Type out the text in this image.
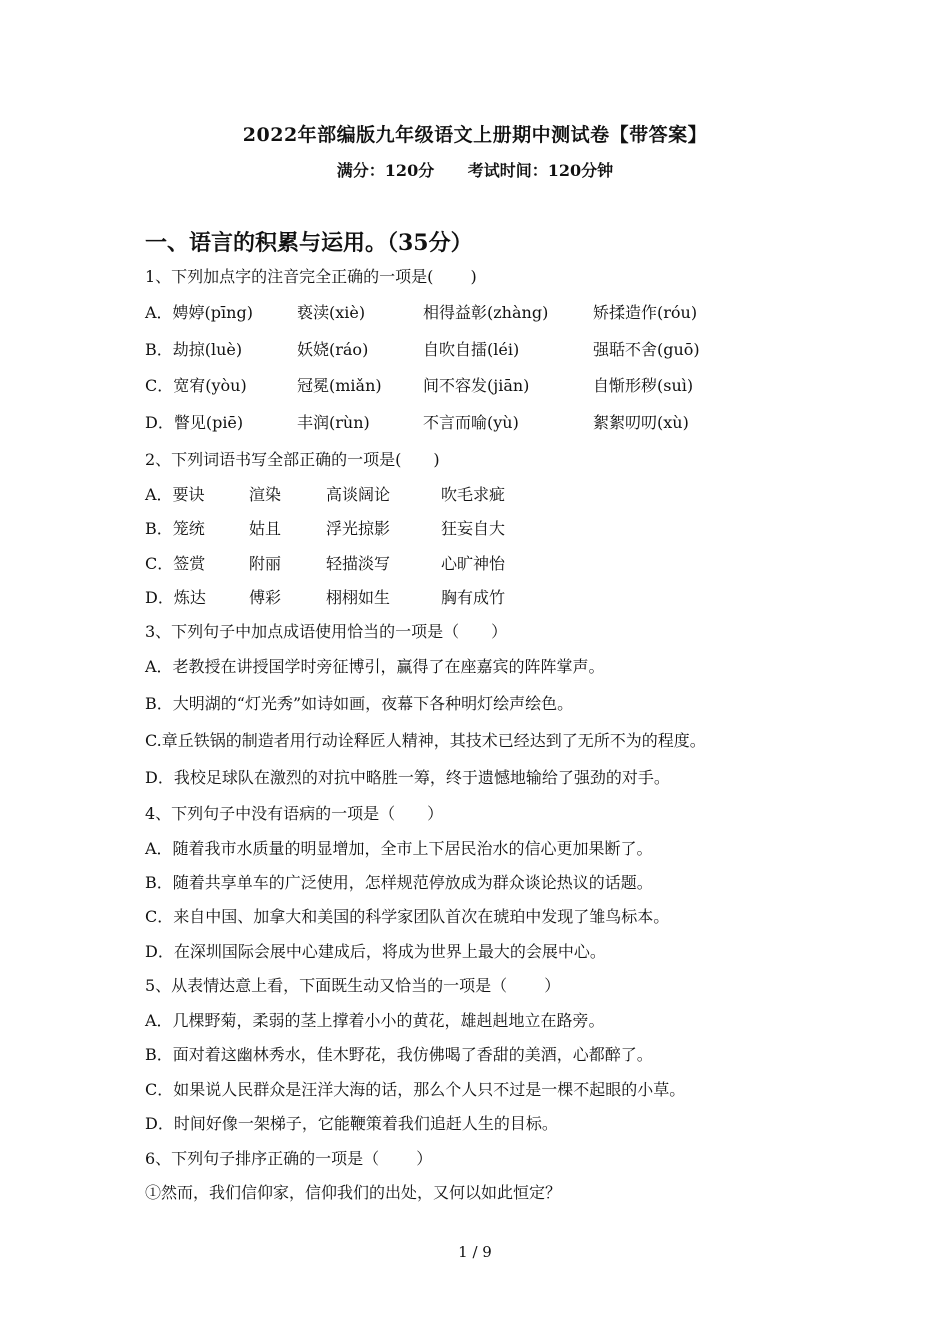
2022年部编版九年级语文上册期中测试卷【带答案】
满分：120分 考试时间：120分钟
一、语言的积累与运用。（35分）
1、下列加点字的注音完全正确的一项是(　　 )
A．娉婷(pīng)	亵渎(xiè)	相得益彰(zhàng)	矫揉造作(róu)
B．劫掠(luè)	妖娆(ráo)	自吹自擂(léi)	强聒不舍(guō)
C．宽宥(yòu)	冠冕(miǎn)	间不容发(jiān)	自惭形秽(suì)
D．瞥见(piē)	丰润(rùn)	不言而喻(yù)	絮絮叨叨(xù)
2、下列词语书写全部正确的一项是(　　)
A．要诀	渲染	高谈阔论	吹毛求疵
B．笼统	姑且	浮光掠影	狂妄自大
C．签赏	附丽	轻描淡写	心旷神怡
D．炼达	傅彩	栩栩如生	胸有成竹
3、下列句子中加点成语使用恰当的一项是（　　）
A．老教授在讲授国学时旁征博引，赢得了在座嘉宾的阵阵掌声。
B．大明湖的“灯光秀”如诗如画，夜幕下各种明灯绘声绘色。
C.章丘铁锅的制造者用行动诠释匠人精神，其技术已经达到了无所不为的程度。
D．我校足球队在激烈的对抗中略胜一筹，终于遗憾地输给了强劲的对手。
4、下列句子中没有语病的一项是（　　）
A．随着我市水质量的明显增加，全市上下居民治水的信心更加果断了。
B．随着共享单车的广泛使用，怎样规范停放成为群众谈论热议的话题。
C．来自中国、加拿大和美国的科学家团队首次在琥珀中发现了雏鸟标本。
D．在深圳国际会展中心建成后，将成为世界上最大的会展中心。
5、从表情达意上看，下面既生动又恰当的一项是（　　 ）
A．几棵野菊，柔弱的茎上撑着小小的黄花，雄赳赳地立在路旁。
B．面对着这幽林秀水，佳木野花，我仿佛喝了香甜的美酒，心都醉了。
C．如果说人民群众是汪洋大海的话，那么个人只不过是一棵不起眼的小草。
D．时间好像一架梯子，它能鞭策着我们追赶人生的目标。
6、下列句子排序正确的一项是（　　 ）
①然而，我们信仰家，信仰我们的出处，又何以如此恒定？
1 / 9
